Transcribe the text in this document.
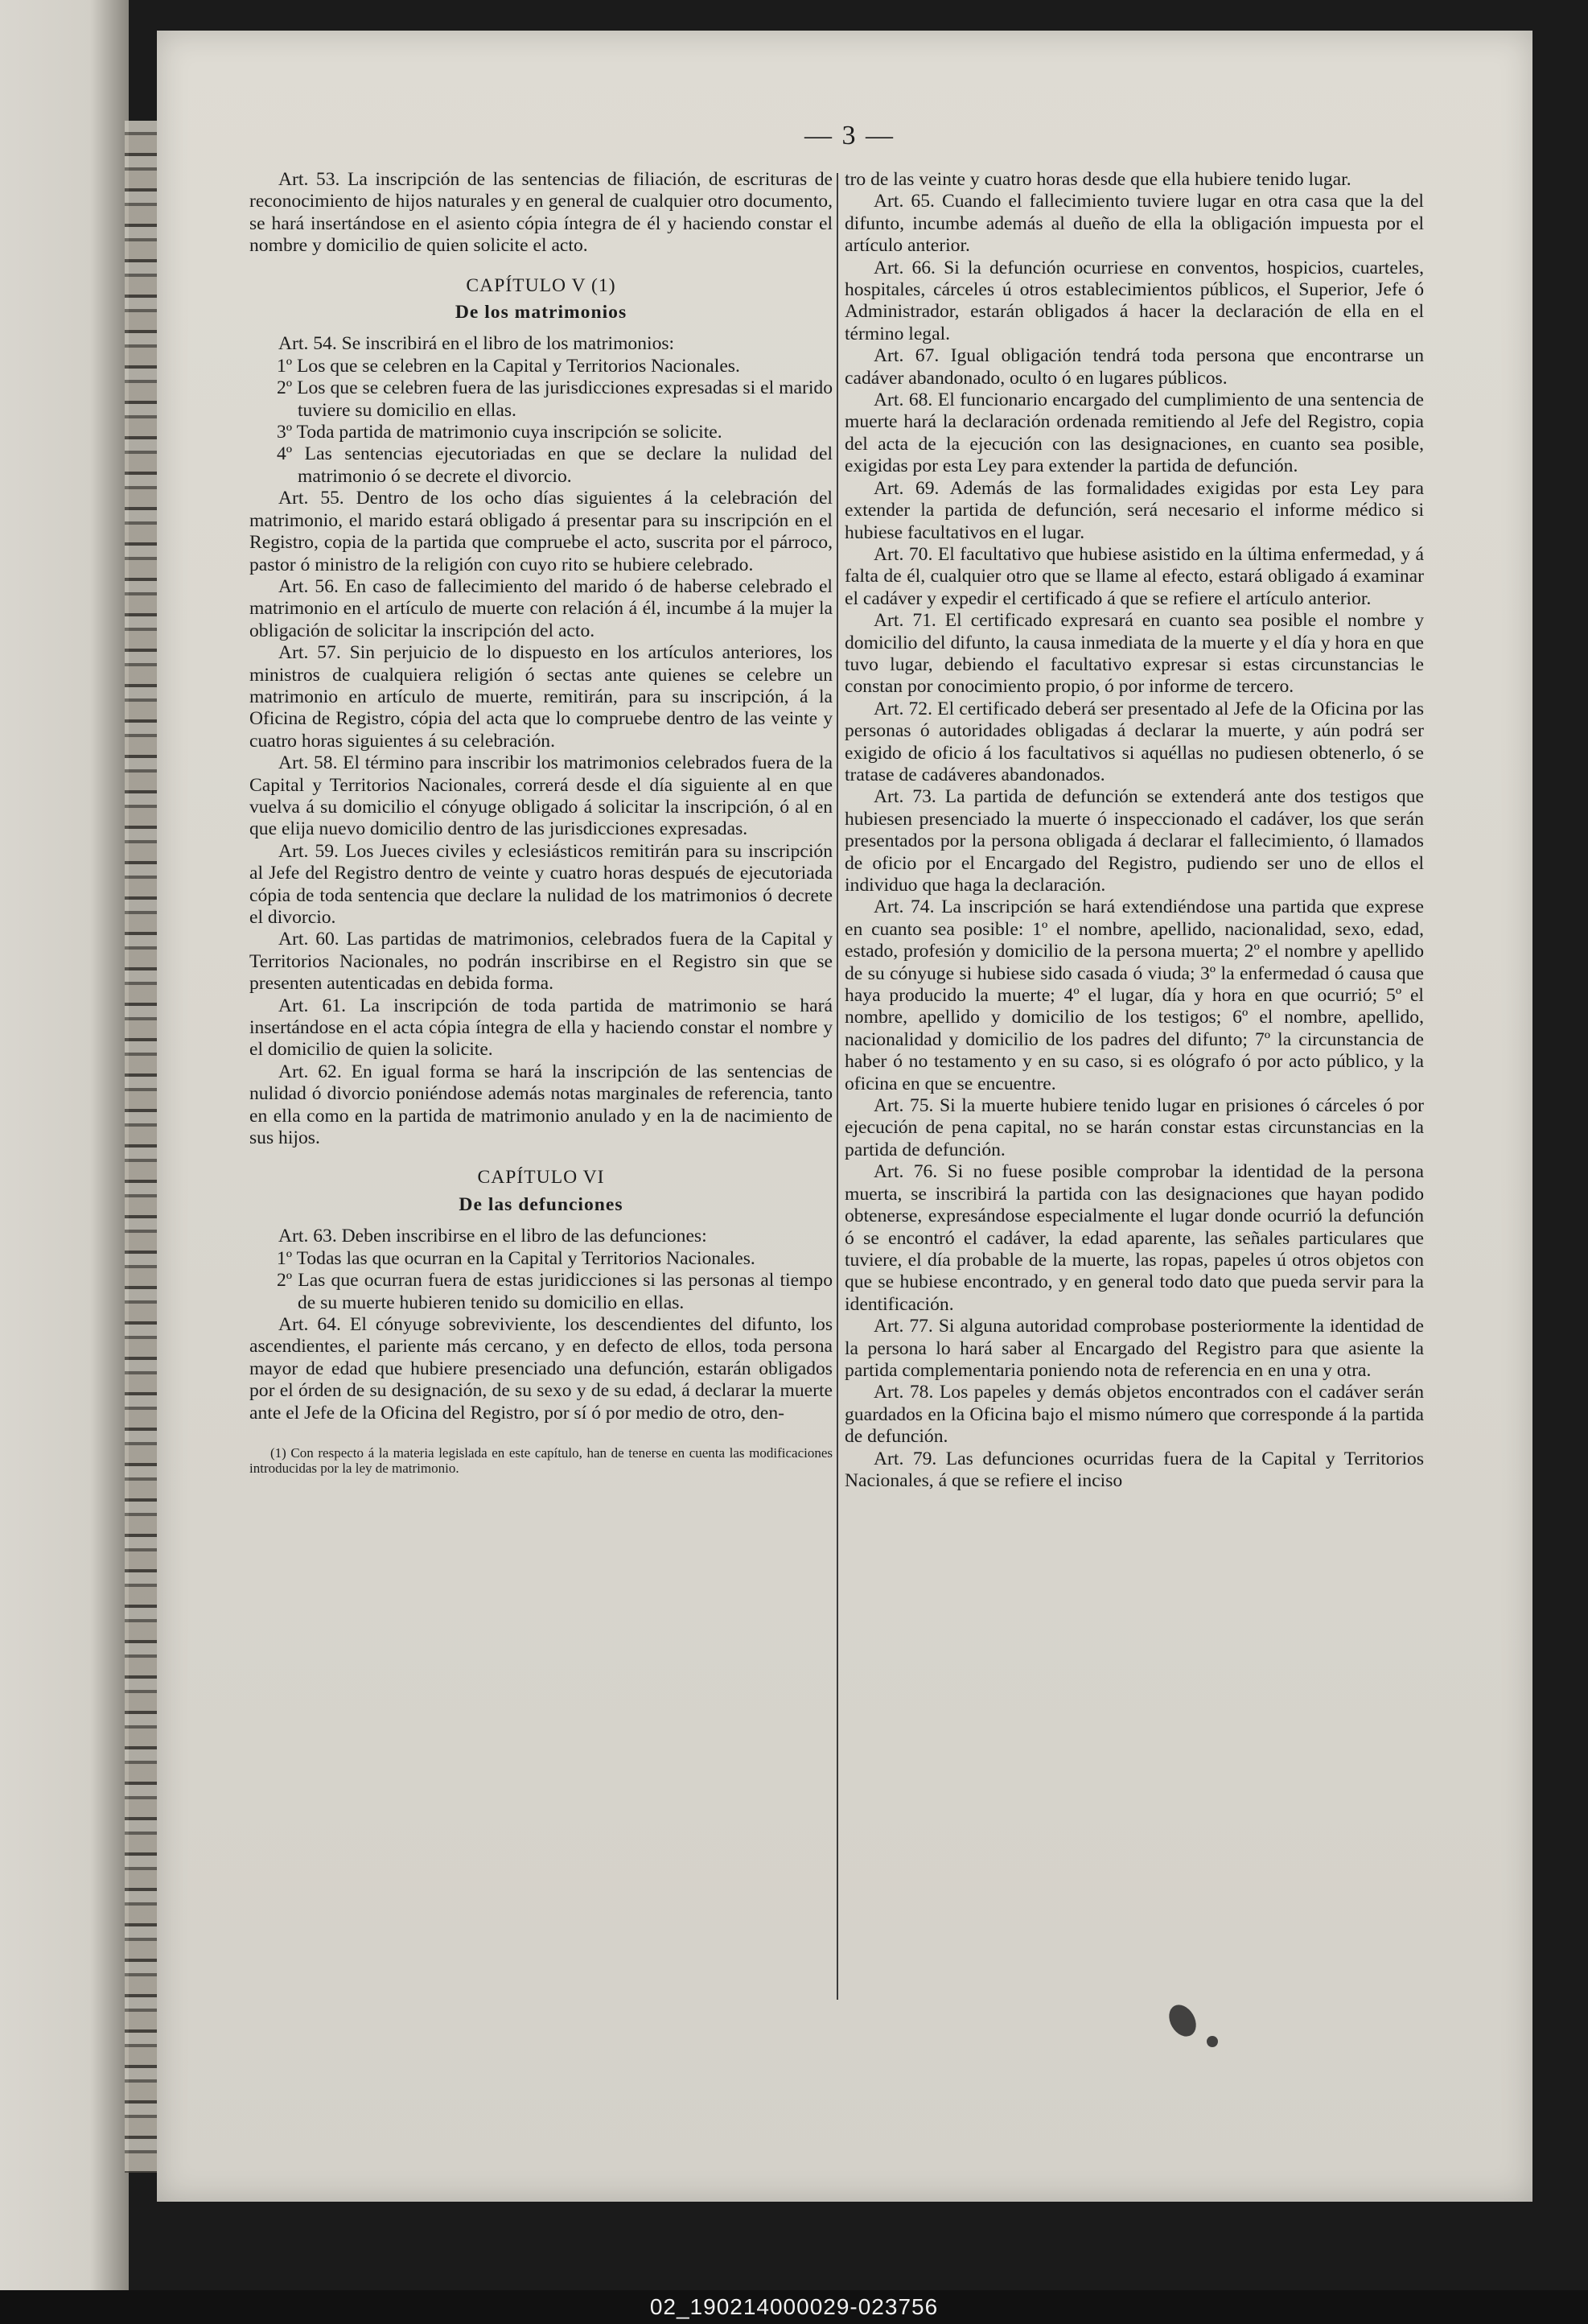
— 3 —

Art. 53. La inscripción de las sentencias de filiación, de escrituras de reconocimiento de hijos naturales y en general de cualquier otro documento, se hará insertándose en el asiento cópia íntegra de él y haciendo constar el nombre y domicilio de quien solicite el acto.

CAPÍTULO V (1)

De los matrimonios

Art. 54. Se inscribirá en el libro de los matrimonios:

1º Los que se celebren en la Capital y Territorios Nacionales.

2º Los que se celebren fuera de las jurisdicciones expresadas si el marido tuviere su domicilio en ellas.

3º Toda partida de matrimonio cuya inscripción se solicite.

4º Las sentencias ejecutoriadas en que se declare la nulidad del matrimonio ó se decrete el divorcio.

Art. 55. Dentro de los ocho días siguientes á la celebración del matrimonio, el marido estará obligado á presentar para su inscripción en el Registro, copia de la partida que compruebe el acto, suscrita por el párroco, pastor ó ministro de la religión con cuyo rito se hubiere celebrado.

Art. 56. En caso de fallecimiento del marido ó de haberse celebrado el matrimonio en el artículo de muerte con relación á él, incumbe á la mujer la obligación de solicitar la inscripción del acto.

Art. 57. Sin perjuicio de lo dispuesto en los artículos anteriores, los ministros de cualquiera religión ó sectas ante quienes se celebre un matrimonio en artículo de muerte, remitirán, para su inscripción, á la Oficina de Registro, cópia del acta que lo compruebe dentro de las veinte y cuatro horas siguientes á su celebración.

Art. 58. El término para inscribir los matrimonios celebrados fuera de la Capital y Territorios Nacionales, correrá desde el día siguiente al en que vuelva á su domicilio el cónyuge obligado á solicitar la inscripción, ó al en que elija nuevo domicilio dentro de las jurisdicciones expresadas.

Art. 59. Los Jueces civiles y eclesiásticos remitirán para su inscripción al Jefe del Registro dentro de veinte y cuatro horas después de ejecutoriada cópia de toda sentencia que declare la nulidad de los matrimonios ó decrete el divorcio.

Art. 60. Las partidas de matrimonios, celebrados fuera de la Capital y Territorios Nacionales, no podrán inscribirse en el Registro sin que se presenten autenticadas en debida forma.

Art. 61. La inscripción de toda partida de matrimonio se hará insertándose en el acta cópia íntegra de ella y haciendo constar el nombre y el domicilio de quien la solicite.

Art. 62. En igual forma se hará la inscripción de las sentencias de nulidad ó divorcio poniéndose además notas marginales de referencia, tanto en ella como en la partida de matrimonio anulado y en la de nacimiento de sus hijos.

CAPÍTULO VI

De las defunciones

Art. 63. Deben inscribirse en el libro de las defunciones:

1º Todas las que ocurran en la Capital y Territorios Nacionales.

2º Las que ocurran fuera de estas juridicciones si las personas al tiempo de su muerte hubieren tenido su domicilio en ellas.

Art. 64. El cónyuge sobreviviente, los descendientes del difunto, los ascendientes, el pariente más cercano, y en defecto de ellos, toda persona mayor de edad que hubiere presenciado una defunción, estarán obligados por el órden de su designación, de su sexo y de su edad, á declarar la muerte ante el Jefe de la Oficina del Registro, por sí ó por medio de otro, den-

(1) Con respecto á la materia legislada en este capítulo, han de tenerse en cuenta las modificaciones introducidas por la ley de matrimonio.

tro de las veinte y cuatro horas desde que ella hubiere tenido lugar.

Art. 65. Cuando el fallecimiento tuviere lugar en otra casa que la del difunto, incumbe además al dueño de ella la obligación impuesta por el artículo anterior.

Art. 66. Si la defunción ocurriese en conventos, hospicios, cuarteles, hospitales, cárceles ú otros establecimientos públicos, el Superior, Jefe ó Administrador, estarán obligados á hacer la declaración de ella en el término legal.

Art. 67. Igual obligación tendrá toda persona que encontrarse un cadáver abandonado, oculto ó en lugares públicos.

Art. 68. El funcionario encargado del cumplimiento de una sentencia de muerte hará la declaración ordenada remitiendo al Jefe del Registro, copia del acta de la ejecución con las designaciones, en cuanto sea posible, exigidas por esta Ley para extender la partida de defunción.

Art. 69. Además de las formalidades exigidas por esta Ley para extender la partida de defunción, será necesario el informe médico si hubiese facultativos en el lugar.

Art. 70. El facultativo que hubiese asistido en la última enfermedad, y á falta de él, cualquier otro que se llame al efecto, estará obligado á examinar el cadáver y expedir el certificado á que se refiere el artículo anterior.

Art. 71. El certificado expresará en cuanto sea posible el nombre y domicilio del difunto, la causa inmediata de la muerte y el día y hora en que tuvo lugar, debiendo el facultativo expresar si estas circunstancias le constan por conocimiento propio, ó por informe de tercero.

Art. 72. El certificado deberá ser presentado al Jefe de la Oficina por las personas ó autoridades obligadas á declarar la muerte, y aún podrá ser exigido de oficio á los facultativos si aquéllas no pudiesen obtenerlo, ó se tratase de cadáveres abandonados.

Art. 73. La partida de defunción se extenderá ante dos testigos que hubiesen presenciado la muerte ó inspeccionado el cadáver, los que serán presentados por la persona obligada á declarar el fallecimiento, ó llamados de oficio por el Encargado del Registro, pudiendo ser uno de ellos el individuo que haga la declaración.

Art. 74. La inscripción se hará extendiéndose una partida que exprese en cuanto sea posible: 1º el nombre, apellido, nacionalidad, sexo, edad, estado, profesión y domicilio de la persona muerta; 2º el nombre y apellido de su cónyuge si hubiese sido casada ó viuda; 3º la enfermedad ó causa que haya producido la muerte; 4º el lugar, día y hora en que ocurrió; 5º el nombre, apellido y domicilio de los testigos; 6º el nombre, apellido, nacionalidad y domicilio de los padres del difunto; 7º la circunstancia de haber ó no testamento y en su caso, si es ológrafo ó por acto público, y la oficina en que se encuentre.

Art. 75. Si la muerte hubiere tenido lugar en prisiones ó cárceles ó por ejecución de pena capital, no se harán constar estas circunstancias en la partida de defunción.

Art. 76. Si no fuese posible comprobar la identidad de la persona muerta, se inscribirá la partida con las designaciones que hayan podido obtenerse, expresándose especialmente el lugar donde ocurrió la defunción ó se encontró el cadáver, la edad aparente, las señales particulares que tuviere, el día probable de la muerte, las ropas, papeles ú otros objetos con que se hubiese encontrado, y en general todo dato que pueda servir para la identificación.

Art. 77. Si alguna autoridad comprobase posteriormente la identidad de la persona lo hará saber al Encargado del Registro para que asiente la partida complementaria poniendo nota de referencia en en una y otra.

Art. 78. Los papeles y demás objetos encontrados con el cadáver serán guardados en la Oficina bajo el mismo número que corresponde á la partida de defunción.

Art. 79. Las defunciones ocurridas fuera de la Capital y Territorios Nacionales, á que se refiere el inciso

02_190214000029-023756
